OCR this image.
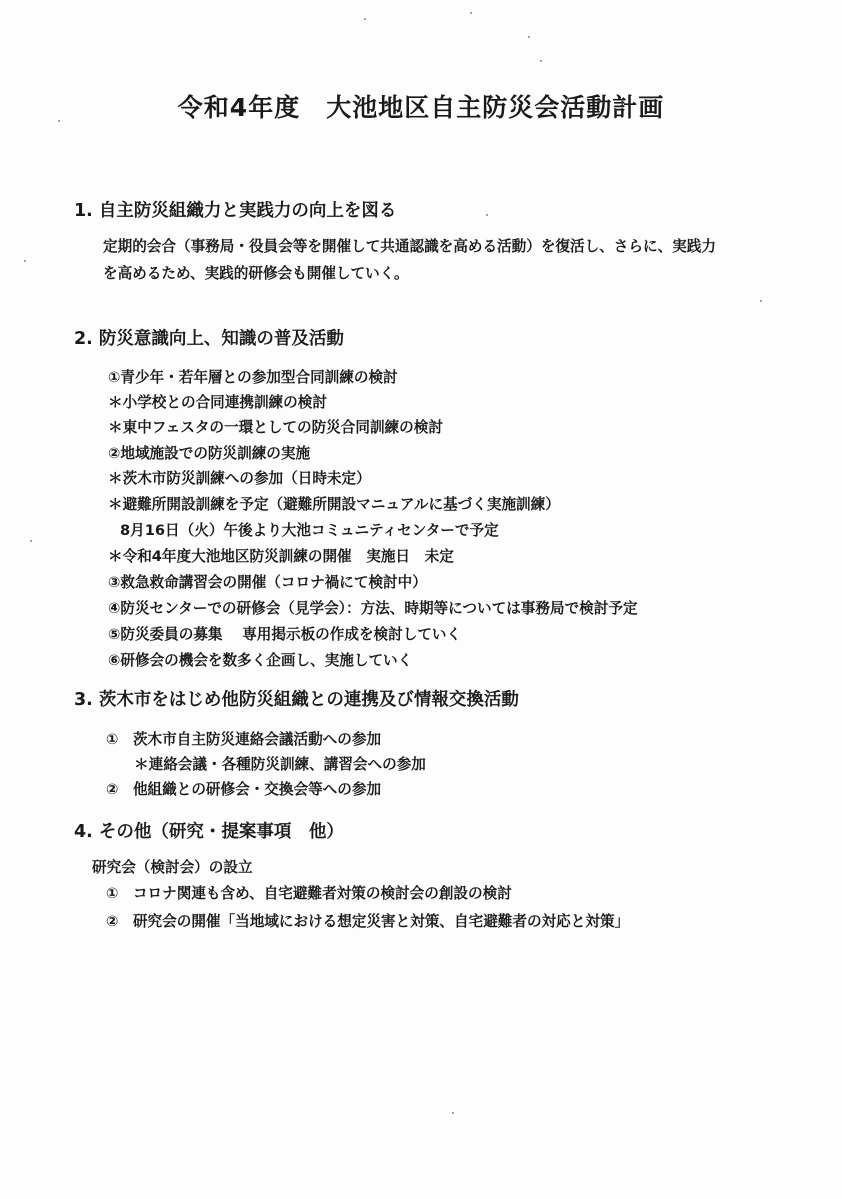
令和4年度　大池地区自主防災会活動計画

1. 自主防災組織力と実践力の向上を図る

定期的会合（事務局・役員会等を開催して共通認識を高める活動）を復活し、さらに、実践力

を高めるため、実践的研修会も開催していく。

2. 防災意識向上、知識の普及活動

①青少年・若年層との参加型合同訓練の検討

＊小学校との合同連携訓練の検討

＊東中フェスタの一環としての防災合同訓練の検討

②地域施設での防災訓練の実施

＊茨木市防災訓練への参加（日時未定）

＊避難所開設訓練を予定（避難所開設マニュアルに基づく実施訓練）

8月16日（火）午後より大池コミュニティセンターで予定

＊令和4年度大池地区防災訓練の開催　実施日　未定

③救急救命講習会の開催（コロナ禍にて検討中）

④防災センターでの研修会（見学会）：方法、時期等については事務局で検討予定

⑤防災委員の募集　 専用掲示板の作成を検討していく

⑥研修会の機会を数多く企画し、実施していく

3. 茨木市をはじめ他防災組織との連携及び情報交換活動

①　茨木市自主防災連絡会議活動への参加

＊連絡会議・各種防災訓練、講習会への参加

②　他組織との研修会・交換会等への参加

4. その他（研究・提案事項　他）

研究会（検討会）の設立

①　コロナ関連も含め、自宅避難者対策の検討会の創設の検討

②　研究会の開催「当地域における想定災害と対策、自宅避難者の対応と対策」
